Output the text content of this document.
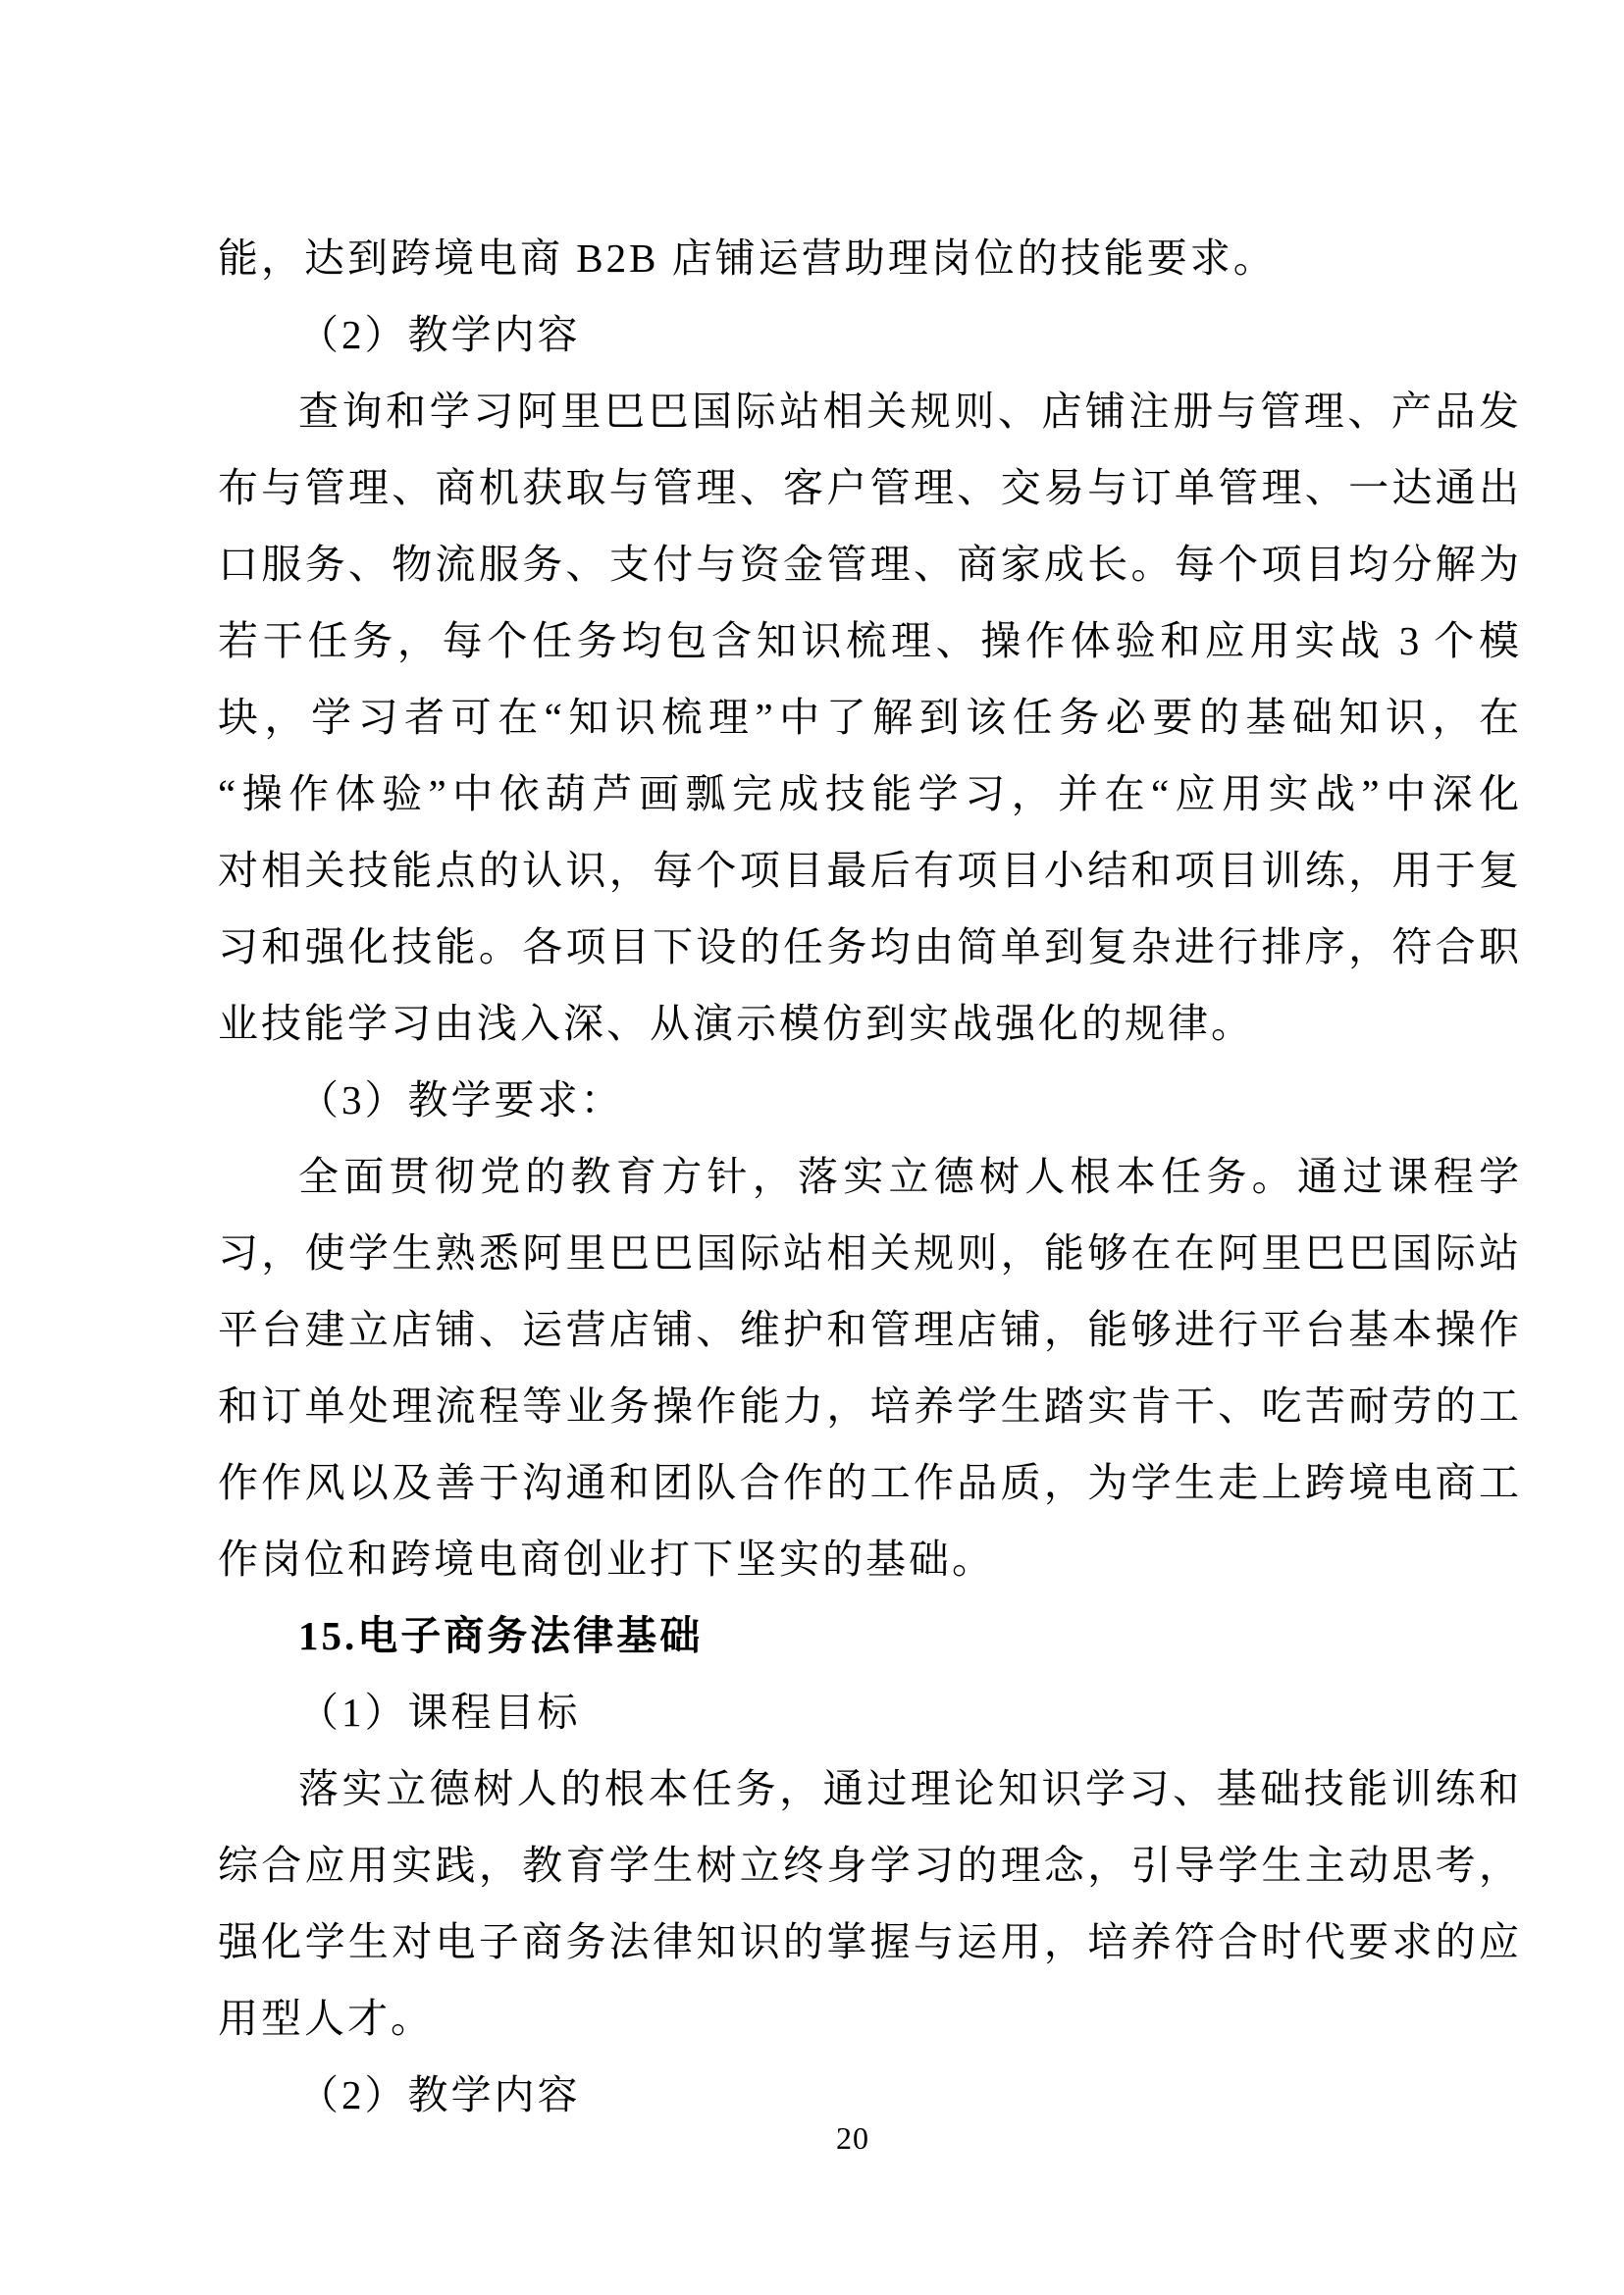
能，达到跨境电商 B2B 店铺运营助理岗位的技能要求。
（2）教学内容
查询和学习阿里巴巴国际站相关规则、店铺注册与管理、产品发
布与管理、商机获取与管理、客户管理、交易与订单管理、一达通出
口服务、物流服务、支付与资金管理、商家成长。每个项目均分解为
若干任务，每个任务均包含知识梳理、操作体验和应用实战 3 个模
块，学习者可在“知识梳理”中了解到该任务必要的基础知识，在
“操作体验”中依葫芦画瓢完成技能学习，并在“应用实战”中深化
对相关技能点的认识，每个项目最后有项目小结和项目训练，用于复
习和强化技能。各项目下设的任务均由简单到复杂进行排序，符合职
业技能学习由浅入深、从演示模仿到实战强化的规律。
（3）教学要求：
全面贯彻党的教育方针，落实立德树人根本任务。通过课程学
习，使学生熟悉阿里巴巴国际站相关规则，能够在在阿里巴巴国际站
平台建立店铺、运营店铺、维护和管理店铺，能够进行平台基本操作
和订单处理流程等业务操作能力，培养学生踏实肯干、吃苦耐劳的工
作作风以及善于沟通和团队合作的工作品质，为学生走上跨境电商工
作岗位和跨境电商创业打下坚实的基础。
15.电子商务法律基础
（1）课程目标
落实立德树人的根本任务，通过理论知识学习、基础技能训练和
综合应用实践，教育学生树立终身学习的理念，引导学生主动思考，
强化学生对电子商务法律知识的掌握与运用，培养符合时代要求的应
用型人才。
（2）教学内容
20
